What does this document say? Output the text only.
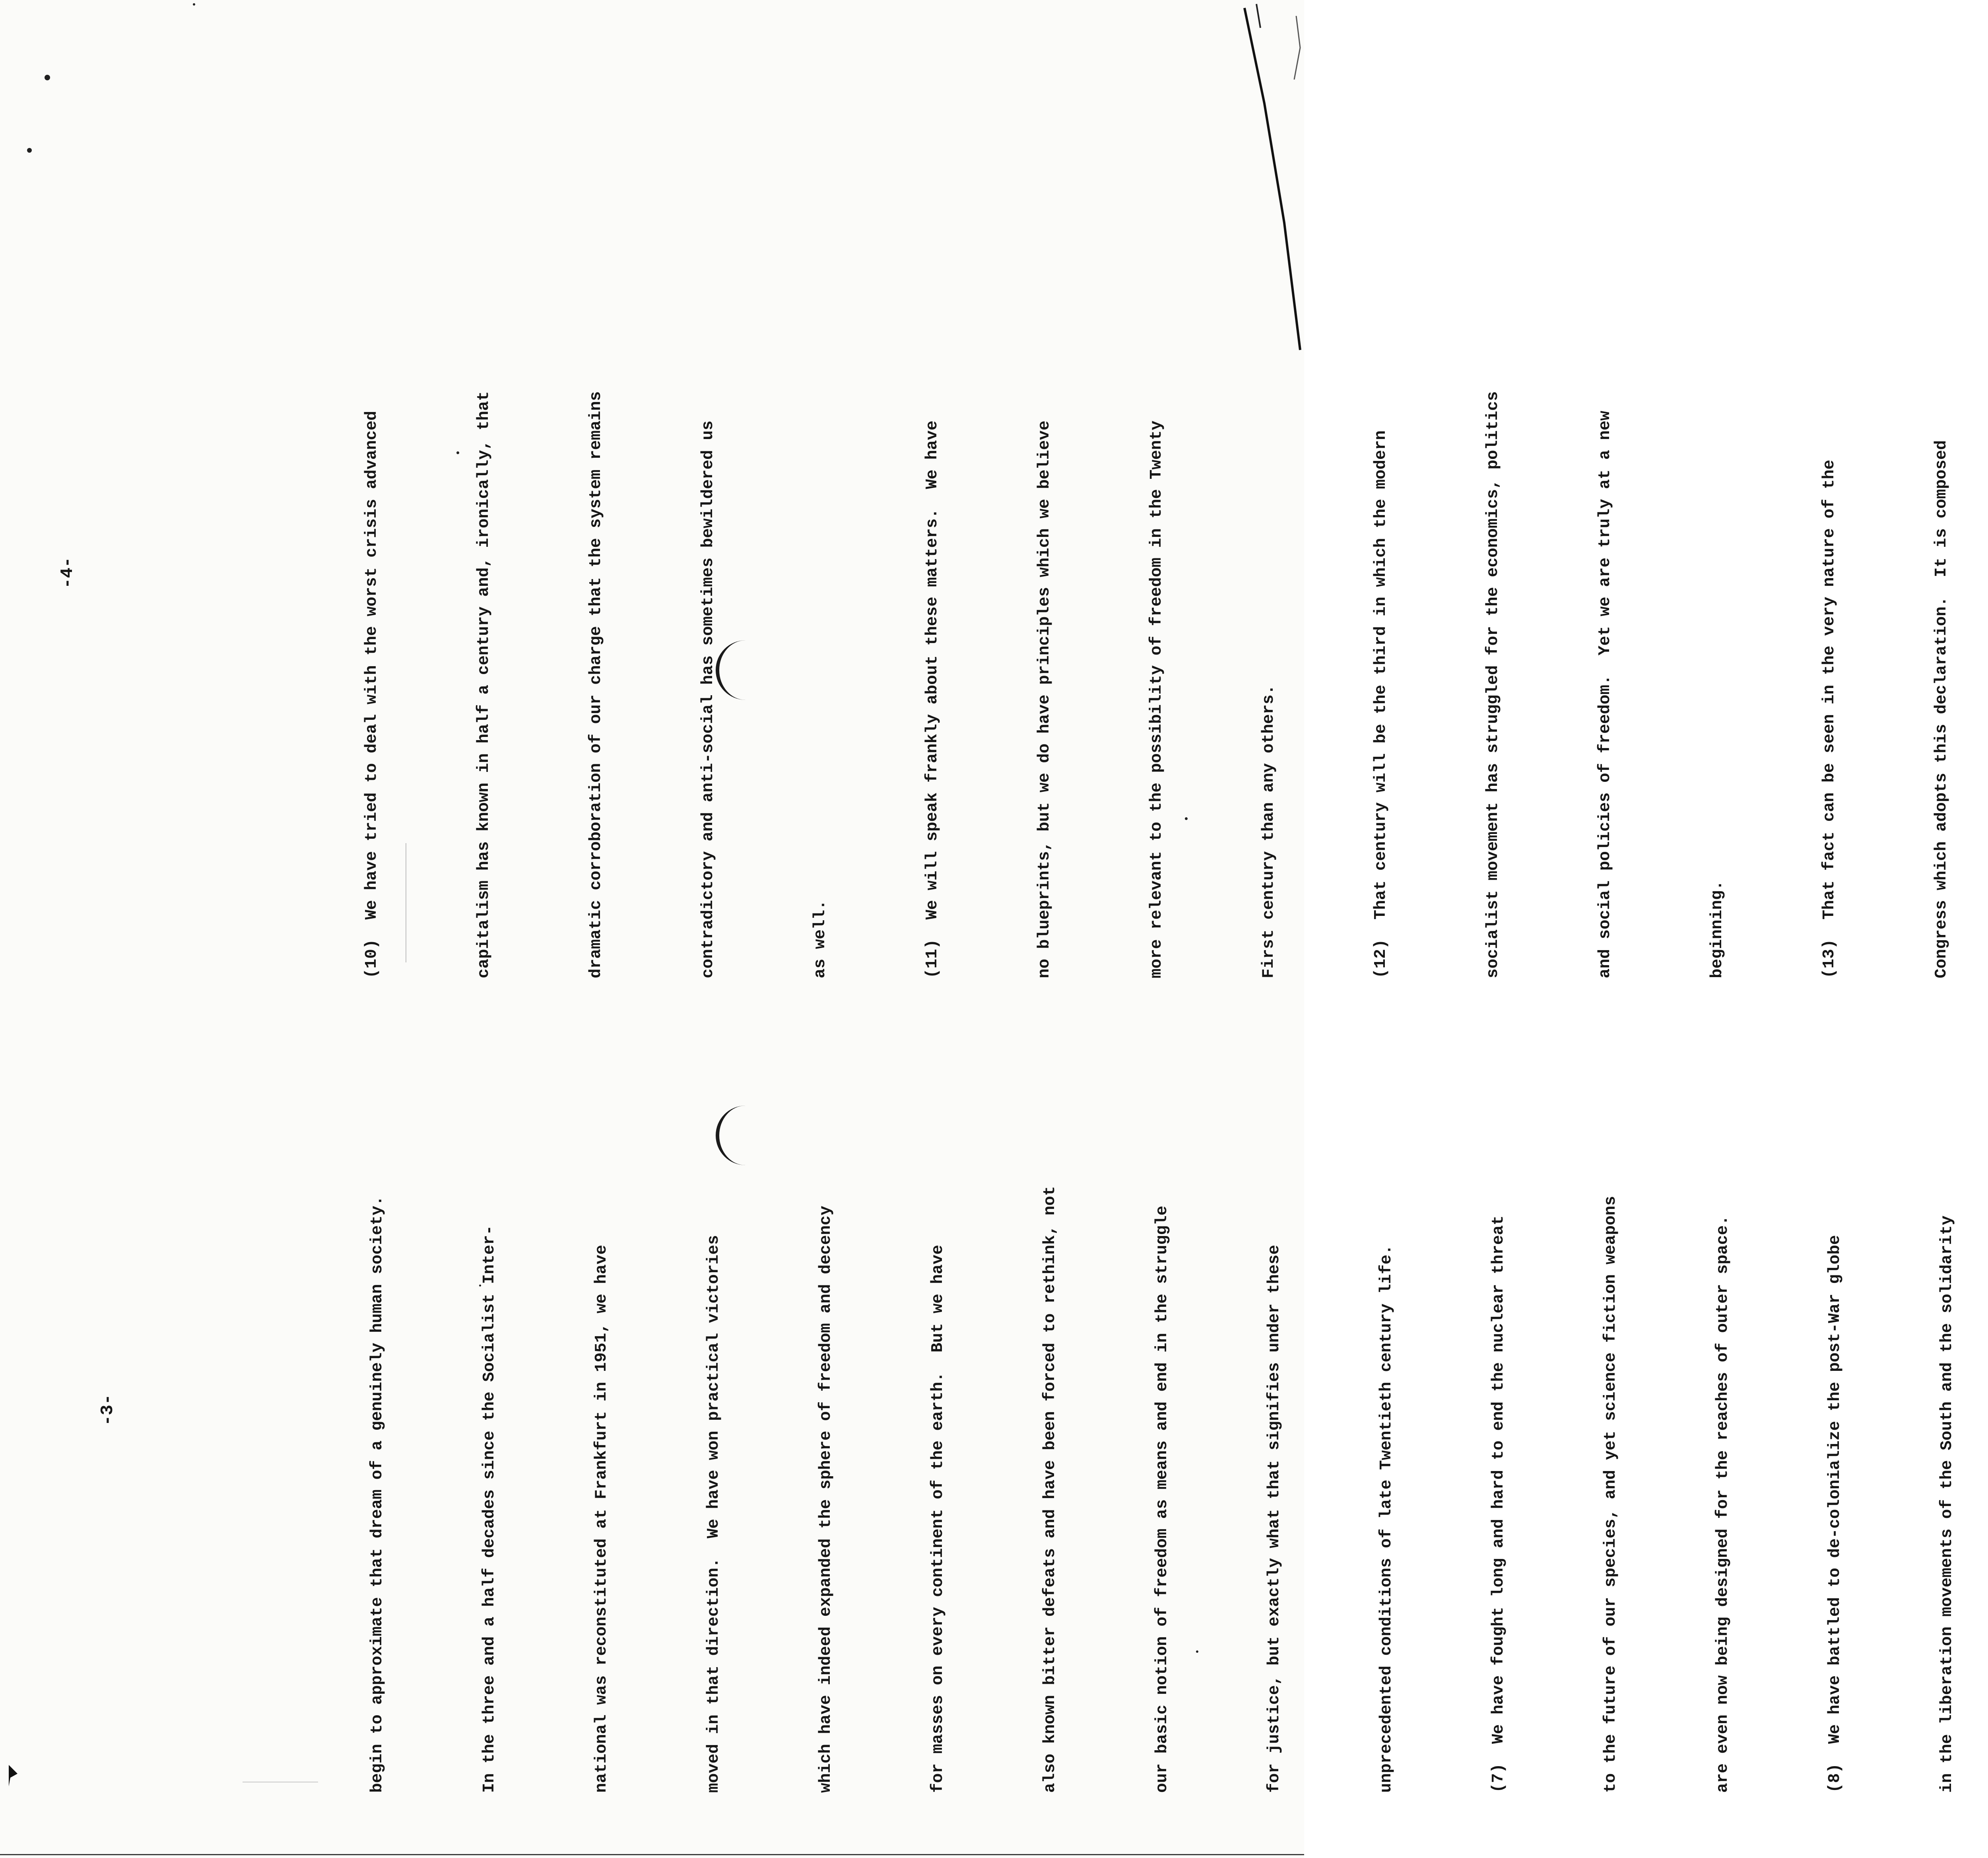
-3-
-4-

begin to approximate that dream of a genuinely human society.

	In the three and a half decades since the Socialist Inter-

	national was reconstituted at Frankfurt in 1951, we have

	moved in that direction.  We have won practical victories

	which have indeed expanded the sphere of freedom and decency

	for masses on every continent of the earth.  But we have

	also known bitter defeats and have been forced to rethink, not

	our basic notion of freedom as means and end in the struggle

	for justice, but exactly what that signifies under these

	unprecedented conditions of late Twentieth century life.

	(7)  We have fought long and hard to end the nuclear threat

	to the future of our species, and yet science fiction weapons

	are even now being designed for the reaches of outer space.

	(8)  We have battled to de-colonialize the post-War globe

	in the liberation movements of the South and the solidarity

(10)  We have tried to deal with the worst crisis advanced

	capitalism has known in half a century and, ironically, that

	dramatic corroboration of our charge that the system remains

	contradictory and anti-social has sometimes bewildered us

	as well.

	(11)  We will speak frankly about these matters.  We have

	no blueprints, but we do have principles which we believe

	more relevant to the possibility of freedom in the Twenty

	First century than any others.

	(12)  That century will be the third in which the modern

	socialist movement has struggled for the economics, politics

	and social policies of freedom.  Yet we are truly at a new

	beginning.

	(13)  That fact can be seen in the very nature of the

	Congress which adopts this declaration.  It is composed
